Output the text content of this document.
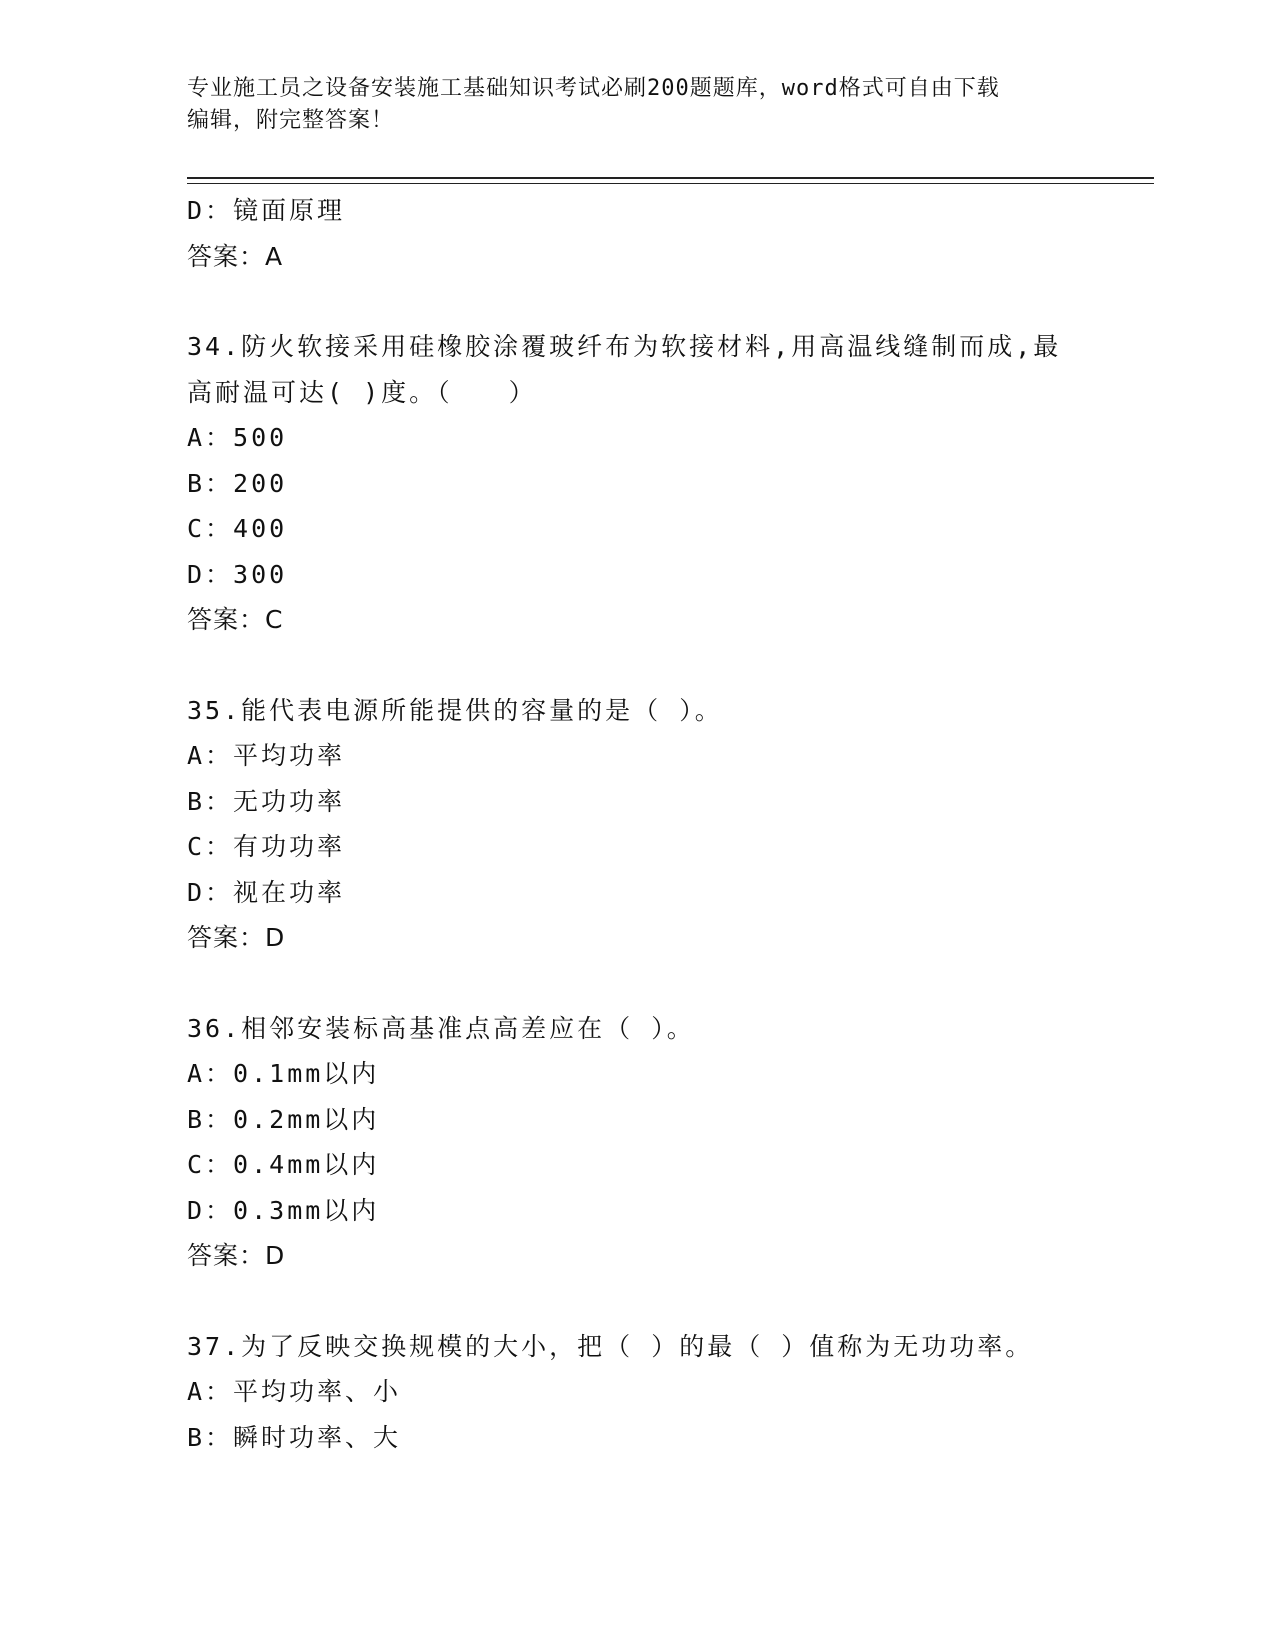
专业施工员之设备安装施工基础知识考试必刷200题题库，word格式可自由下载
编辑，附完整答案！
D：镜面原理
答案：A
34.防火软接采用硅橡胶涂覆玻纤布为软接材料,用高温线缝制而成,最
高耐温可达( )度。（　　）
A：500
B：200
C：400
D：300
答案：C
35.能代表电源所能提供的容量的是（ ）。
A：平均功率
B：无功功率
C：有功功率
D：视在功率
答案：D
36.相邻安装标高基准点高差应在（ ）。
A：0.1mm以内
B：0.2mm以内
C：0.4mm以内
D：0.3mm以内
答案：D
37.为了反映交换规模的大小，把（ ）的最（ ）值称为无功功率。
A：平均功率、小
B：瞬时功率、大
